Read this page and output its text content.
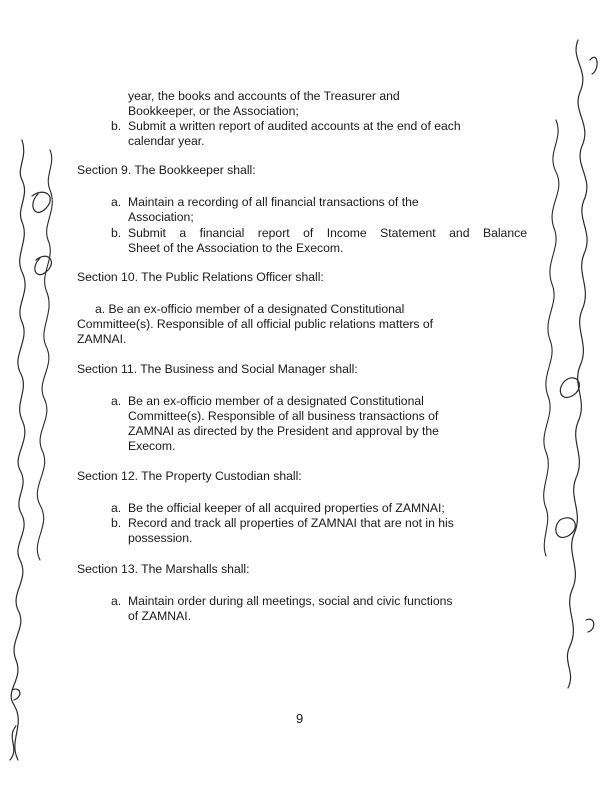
year, the books and accounts of the Treasurer and
Bookkeeper, or the Association;
b. Submit a written report of audited accounts at the end of each
calendar year.
Section 9. The Bookkeeper shall:
a. Maintain a recording of all financial transactions of the
Association;
b. Submit a financial report of Income Statement and Balance
Sheet of the Association to the Execom.
Section 10. The Public Relations Officer shall:
a. Be an ex-officio member of a designated Constitutional
Committee(s). Responsible of all official public relations matters of
ZAMNAI.
Section 11. The Business and Social Manager shall:
a. Be an ex-officio member of a designated Constitutional
Committee(s). Responsible of all business transactions of
ZAMNAI as directed by the President and approval by the
Execom.
Section 12. The Property Custodian shall:
a. Be the official keeper of all acquired properties of ZAMNAI;
b. Record and track all properties of ZAMNAI that are not in his
possession.
Section 13. The Marshalls shall:
a. Maintain order during all meetings, social and civic functions
of ZAMNAI.
9
